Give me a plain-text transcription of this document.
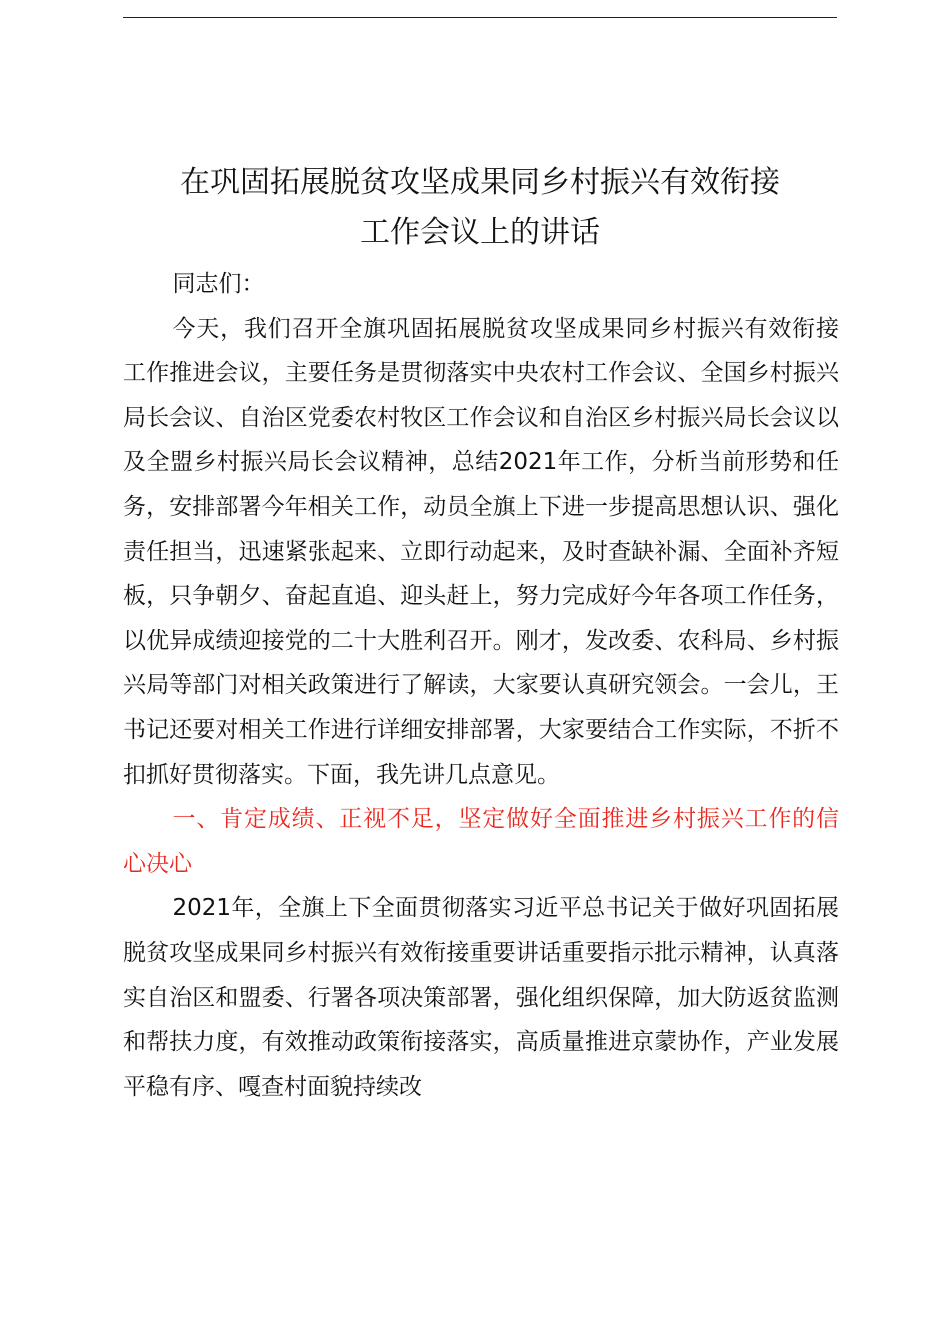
在巩固拓展脱贫攻坚成果同乡村振兴有效衔接
工作会议上的讲话

同志们：

今天，我们召开全旗巩固拓展脱贫攻坚成果同乡村振兴有效衔接工作推进会议，主要任务是贯彻落实中央农村工作会议、全国乡村振兴局长会议、自治区党委农村牧区工作会议和自治区乡村振兴局长会议以及全盟乡村振兴局长会议精神，总结2021年工作，分析当前形势和任务，安排部署今年相关工作，动员全旗上下进一步提高思想认识、强化责任担当，迅速紧张起来、立即行动起来，及时查缺补漏、全面补齐短板，只争朝夕、奋起直追、迎头赶上，努力完成好今年各项工作任务，以优异成绩迎接党的二十大胜利召开。刚才，发改委、农科局、乡村振兴局等部门对相关政策进行了解读，大家要认真研究领会。一会儿，王书记还要对相关工作进行详细安排部署，大家要结合工作实际，不折不扣抓好贯彻落实。下面，我先讲几点意见。

一、肯定成绩、正视不足，坚定做好全面推进乡村振兴工作的信心决心

2021年，全旗上下全面贯彻落实习近平总书记关于做好巩固拓展脱贫攻坚成果同乡村振兴有效衔接重要讲话重要指示批示精神，认真落实自治区和盟委、行署各项决策部署，强化组织保障，加大防返贫监测和帮扶力度，有效推动政策衔接落实，高质量推进京蒙协作，产业发展平稳有序、嘎查村面貌持续改
